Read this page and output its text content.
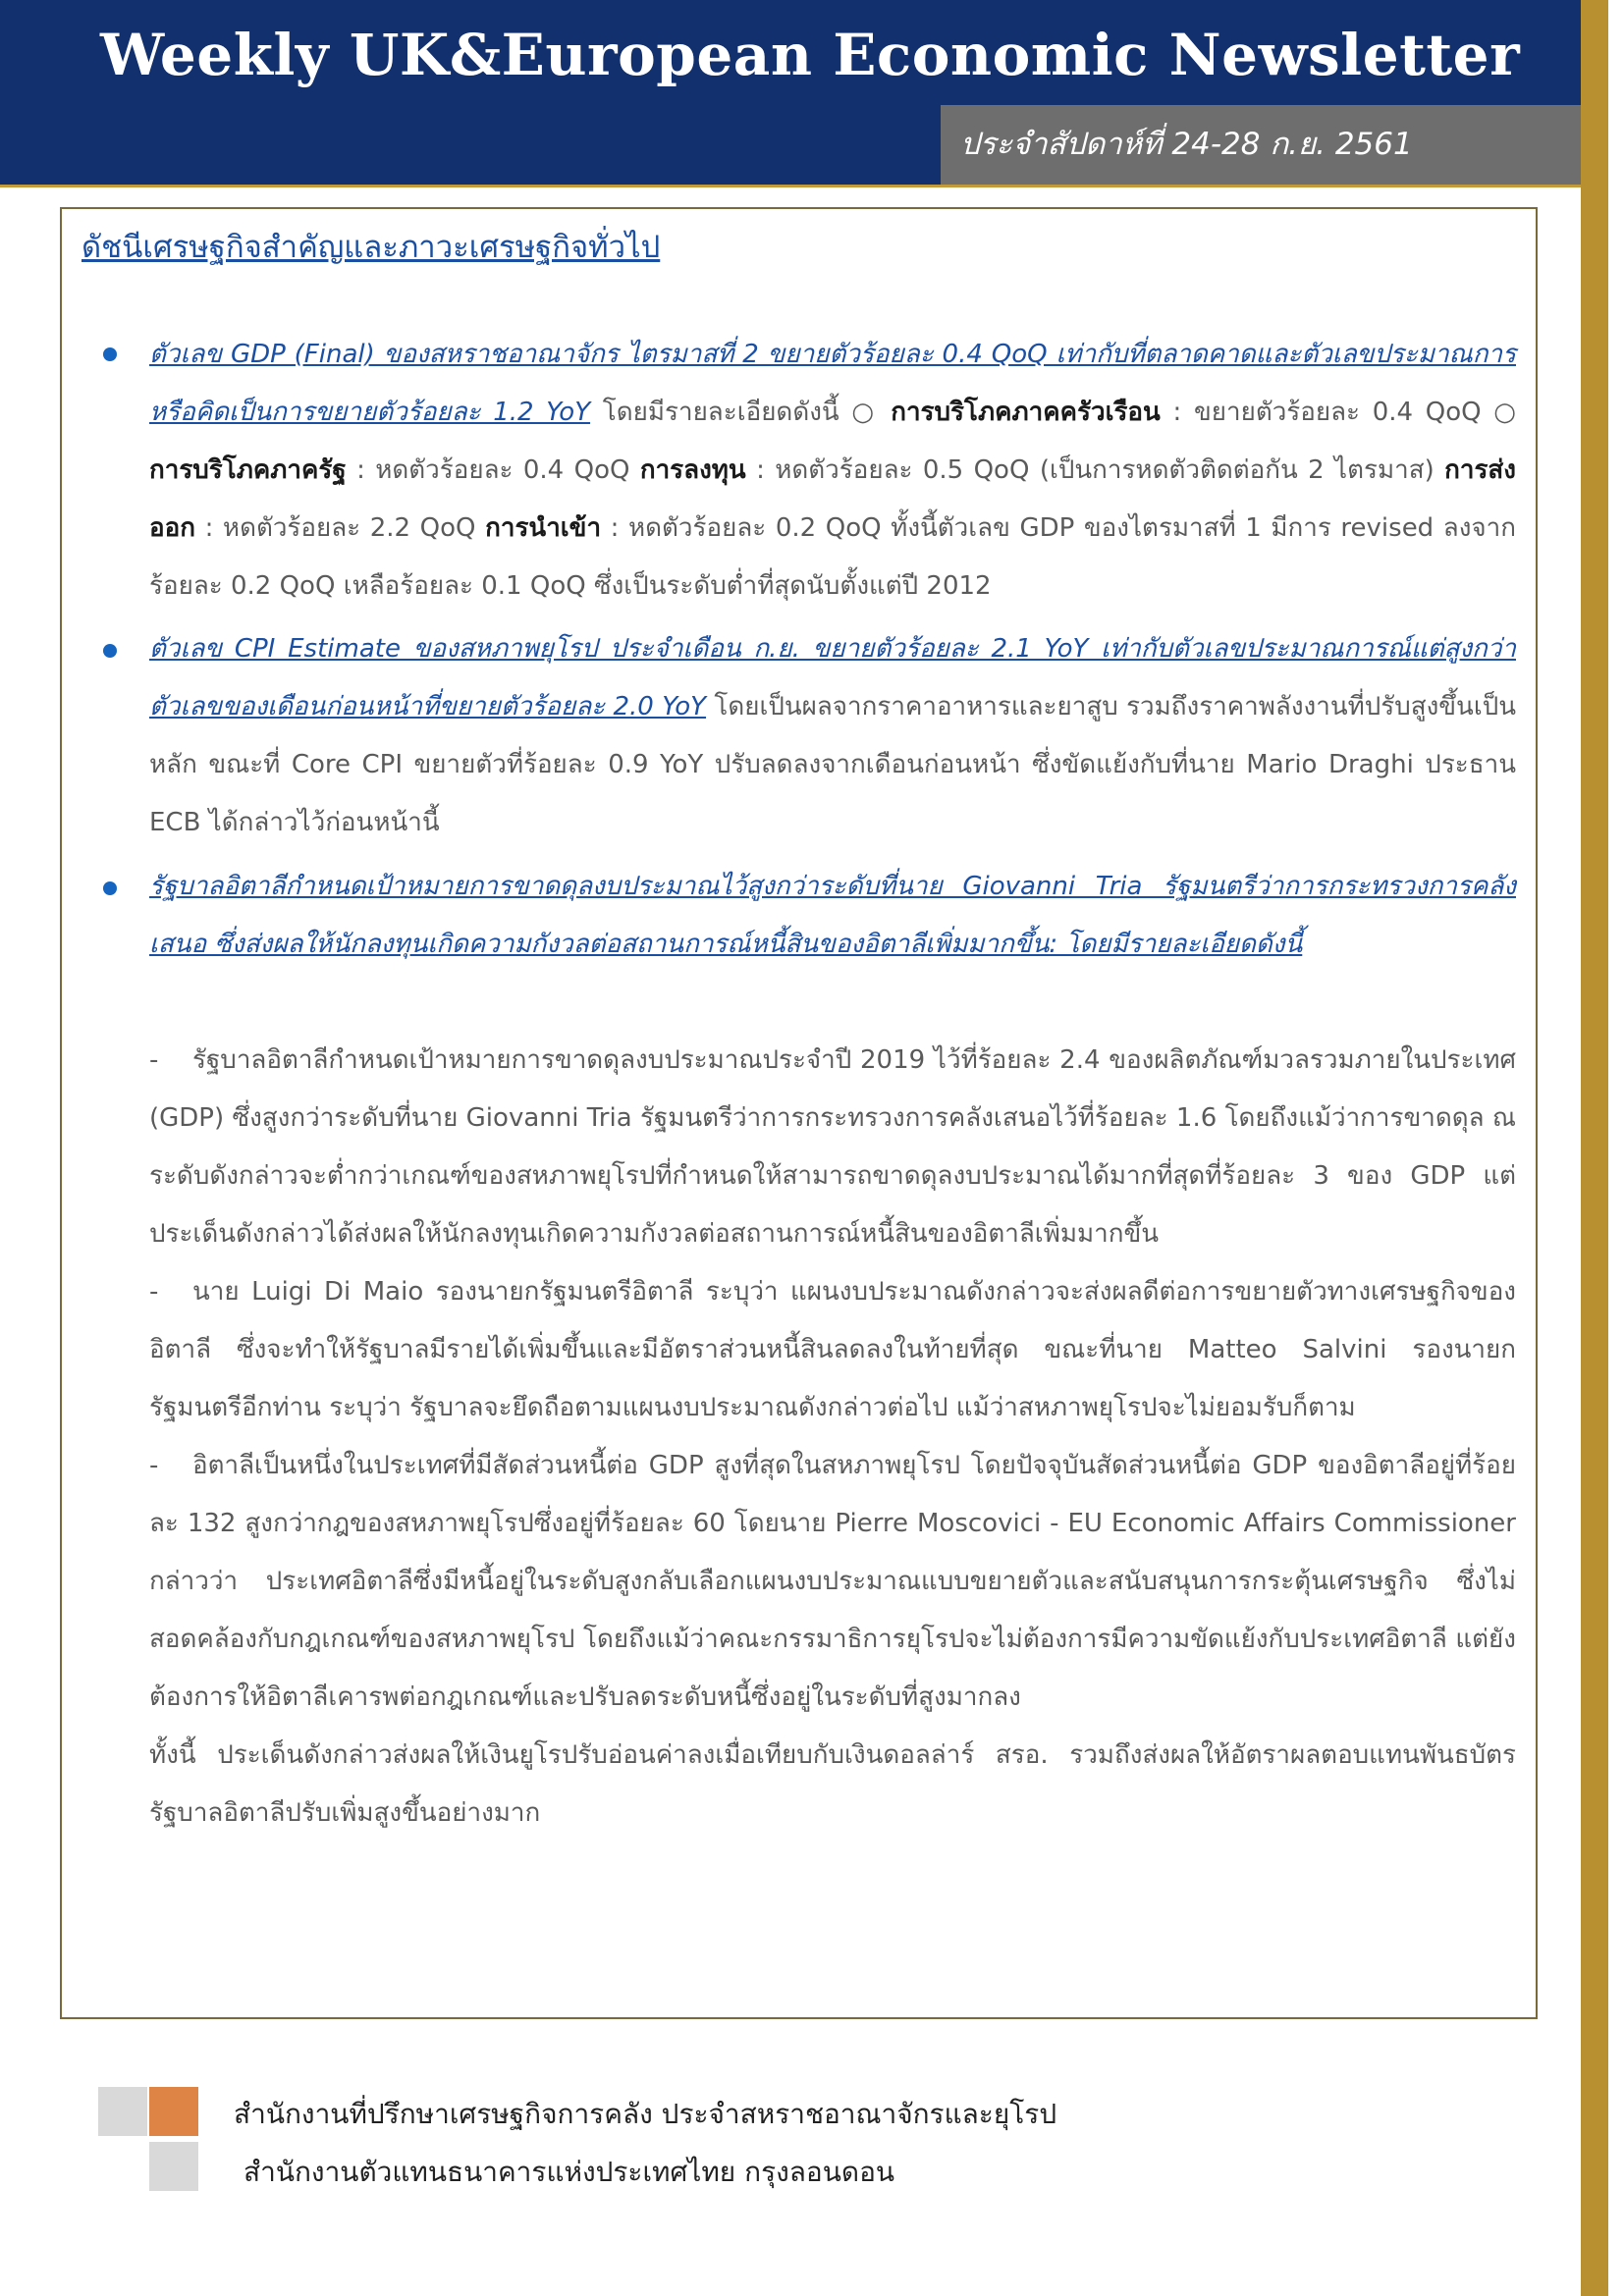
Weekly UK&European Economic Newsletter
ประจำสัปดาห์ที่ 24-28 ก.ย. 2561
ดัชนีเศรษฐกิจสำคัญและภาวะเศรษฐกิจทั่วไป
ตัวเลข GDP (Final) ของสหราชอาณาจักร ไตรมาสที่ 2 ขยายตัวร้อยละ 0.4 QoQ เท่ากับที่ตลาดคาดและตัวเลขประมาณการ หรือคิดเป็นการขยายตัวร้อยละ 1.2 YoY โดยมีรายละเอียดดังนี้ ○ การบริโภคภาคครัวเรือน : ขยายตัวร้อยละ 0.4 QoQ ○ การบริโภคภาครัฐ : หดตัวร้อยละ 0.4 QoQ การลงทุน : หดตัวร้อยละ 0.5 QoQ (เป็นการหดตัวติดต่อกัน 2 ไตรมาส) การส่งออก : หดตัวร้อยละ 2.2 QoQ การนำเข้า : หดตัวร้อยละ 0.2 QoQ ทั้งนี้ตัวเลข GDP ของไตรมาสที่ 1 มีการ revised ลงจากร้อยละ 0.2 QoQ เหลือร้อยละ 0.1 QoQ ซึ่งเป็นระดับต่ำที่สุดนับตั้งแต่ปี 2012
ตัวเลข CPI Estimate ของสหภาพยุโรป ประจำเดือน ก.ย. ขยายตัวร้อยละ 2.1 YoY เท่ากับตัวเลขประมาณการณ์แต่สูงกว่าตัวเลขของเดือนก่อนหน้าที่ขยายตัวร้อยละ 2.0 YoY โดยเป็นผลจากราคาอาหารและยาสูบ รวมถึงราคาพลังงานที่ปรับสูงขึ้นเป็นหลัก ขณะที่ Core CPI ขยายตัวที่ร้อยละ 0.9 YoY ปรับลดลงจากเดือนก่อนหน้า ซึ่งขัดแย้งกับที่นาย Mario Draghi ประธาน ECB ได้กล่าวไว้ก่อนหน้านี้
รัฐบาลอิตาลีกำหนดเป้าหมายการขาดดุลงบประมาณไว้สูงกว่าระดับที่นาย Giovanni Tria รัฐมนตรีว่าการกระทรวงการคลังเสนอ ซึ่งส่งผลให้นักลงทุนเกิดความกังวลต่อสถานการณ์หนี้สินของอิตาลีเพิ่มมากขึ้น: โดยมีรายละเอียดดังนี้
- รัฐบาลอิตาลีกำหนดเป้าหมายการขาดดุลงบประมาณประจำปี 2019 ไว้ที่ร้อยละ 2.4 ของผลิตภัณฑ์มวลรวมภายในประเทศ (GDP) ซึ่งสูงกว่าระดับที่นาย Giovanni Tria รัฐมนตรีว่าการกระทรวงการคลังเสนอไว้ที่ร้อยละ 1.6 โดยถึงแม้ว่าการขาดดุล ณ ระดับดังกล่าวจะต่ำกว่าเกณฑ์ของสหภาพยุโรปที่กำหนดให้สามารถขาดดุลงบประมาณได้มากที่สุดที่ร้อยละ 3 ของ GDP แต่ประเด็นดังกล่าวได้ส่งผลให้นักลงทุนเกิดความกังวลต่อสถานการณ์หนี้สินของอิตาลีเพิ่มมากขึ้น
- นาย Luigi Di Maio รองนายกรัฐมนตรีอิตาลี ระบุว่า แผนงบประมาณดังกล่าวจะส่งผลดีต่อการขยายตัวทางเศรษฐกิจของอิตาลี ซึ่งจะทำให้รัฐบาลมีรายได้เพิ่มขึ้นและมีอัตราส่วนหนี้สินลดลงในท้ายที่สุด ขณะที่นาย Matteo Salvini รองนายกรัฐมนตรีอีกท่าน ระบุว่า รัฐบาลจะยึดถือตามแผนงบประมาณดังกล่าวต่อไป แม้ว่าสหภาพยุโรปจะไม่ยอมรับก็ตาม
- อิตาลีเป็นหนึ่งในประเทศที่มีสัดส่วนหนี้ต่อ GDP สูงที่สุดในสหภาพยุโรป โดยปัจจุบันสัดส่วนหนี้ต่อ GDP ของอิตาลีอยู่ที่ร้อยละ 132 สูงกว่ากฎของสหภาพยุโรปซึ่งอยู่ที่ร้อยละ 60 โดยนาย Pierre Moscovici - EU Economic Affairs Commissioner กล่าวว่า ประเทศอิตาลีซึ่งมีหนี้อยู่ในระดับสูงกลับเลือกแผนงบประมาณแบบขยายตัวและสนับสนุนการกระตุ้นเศรษฐกิจ ซึ่งไม่สอดคล้องกับกฎเกณฑ์ของสหภาพยุโรป โดยถึงแม้ว่าคณะกรรมาธิการยุโรปจะไม่ต้องการมีความขัดแย้งกับประเทศอิตาลี แต่ยังต้องการให้อิตาลีเคารพต่อกฎเกณฑ์และปรับลดระดับหนี้ซึ่งอยู่ในระดับที่สูงมากลง
ทั้งนี้ ประเด็นดังกล่าวส่งผลให้เงินยูโรปรับอ่อนค่าลงเมื่อเทียบกับเงินดอลล่าร์ สรอ. รวมถึงส่งผลให้อัตราผลตอบแทนพันธบัตรรัฐบาลอิตาลีปรับเพิ่มสูงขึ้นอย่างมาก
สำนักงานที่ปรึกษาเศรษฐกิจการคลัง ประจำสหราชอาณาจักรและยุโรป
สำนักงานตัวแทนธนาคารแห่งประเทศไทย กรุงลอนดอน
